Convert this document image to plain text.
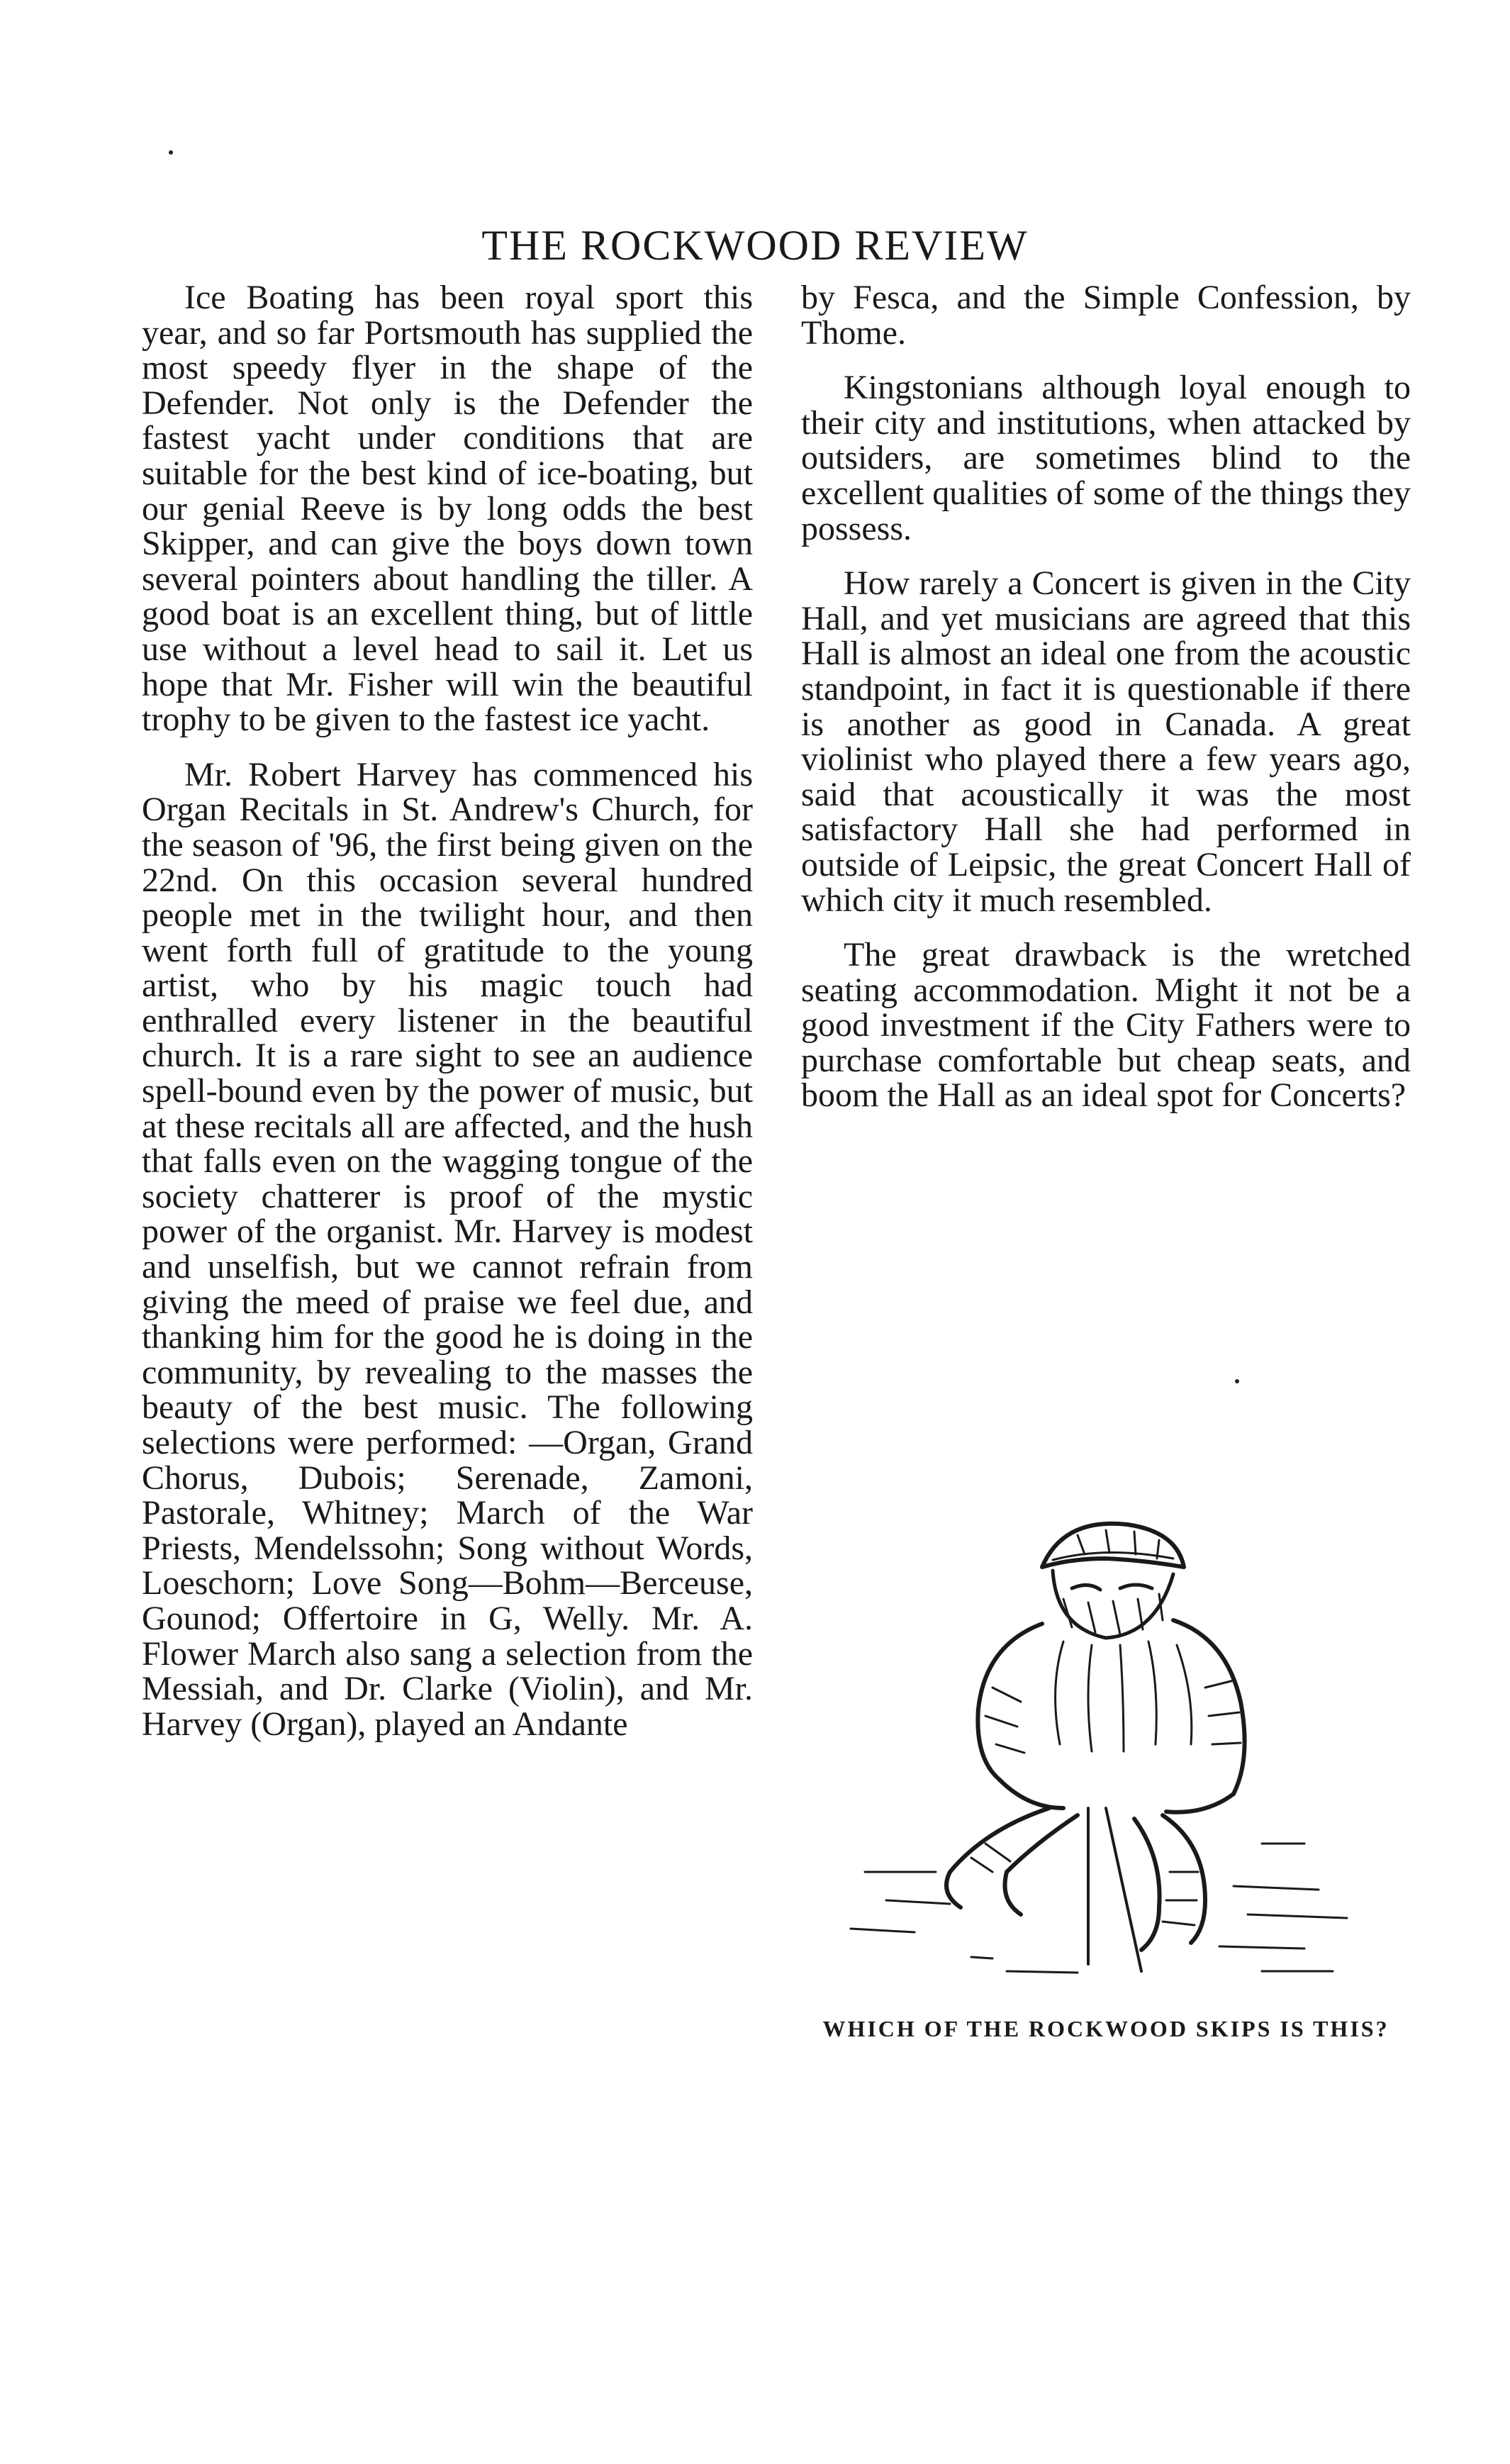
THE ROCKWOOD REVIEW

Ice Boating has been royal sport this year, and so far Portsmouth has supplied the most speedy flyer in the shape of the Defender. Not only is the Defender the fastest yacht under conditions that are suitable for the best kind of ice-boating, but our genial Reeve is by long odds the best Skipper, and can give the boys down town several pointers about handling the tiller. A good boat is an excellent thing, but of little use without a level head to sail it. Let us hope that Mr. Fisher will win the beautiful trophy to be given to the fastest ice yacht.

Mr. Robert Harvey has commenced his Organ Recitals in St. Andrew's Church, for the season of '96, the first being given on the 22nd. On this occasion several hundred people met in the twilight hour, and then went forth full of gratitude to the young artist, who by his magic touch had enthralled every listener in the beautiful church. It is a rare sight to see an audience spell-bound even by the power of music, but at these recitals all are affected, and the hush that falls even on the wagging tongue of the society chatterer is proof of the mystic power of the organist. Mr. Harvey is modest and unselfish, but we cannot refrain from giving the meed of praise we feel due, and thanking him for the good he is doing in the community, by revealing to the masses the beauty of the best music. The following selections were performed: —Organ, Grand Chorus, Dubois; Serenade, Zamoni, Pastorale, Whitney; March of the War Priests, Mendelssohn; Song without Words, Loeschorn; Love Song—Bohm—Berceuse, Gounod; Offertoire in G, Welly. Mr. A. Flower March also sang a selection from the Messiah, and Dr. Clarke (Violin), and Mr. Harvey (Organ), played an Andante

by Fesca, and the Simple Confession, by Thome.

Kingstonians although loyal enough to their city and institutions, when attacked by outsiders, are sometimes blind to the excellent qualities of some of the things they possess.

How rarely a Concert is given in the City Hall, and yet musicians are agreed that this Hall is almost an ideal one from the acoustic standpoint, in fact it is questionable if there is another as good in Canada. A great violinist who played there a few years ago, said that acoustically it was the most satisfactory Hall she had performed in outside of Leipsic, the great Concert Hall of which city it much resembled.

The great drawback is the wretched seating accommodation. Might it not be a good investment if the City Fathers were to purchase comfortable but cheap seats, and boom the Hall as an ideal spot for Concerts?

WHICH OF THE ROCKWOOD SKIPS IS THIS?
